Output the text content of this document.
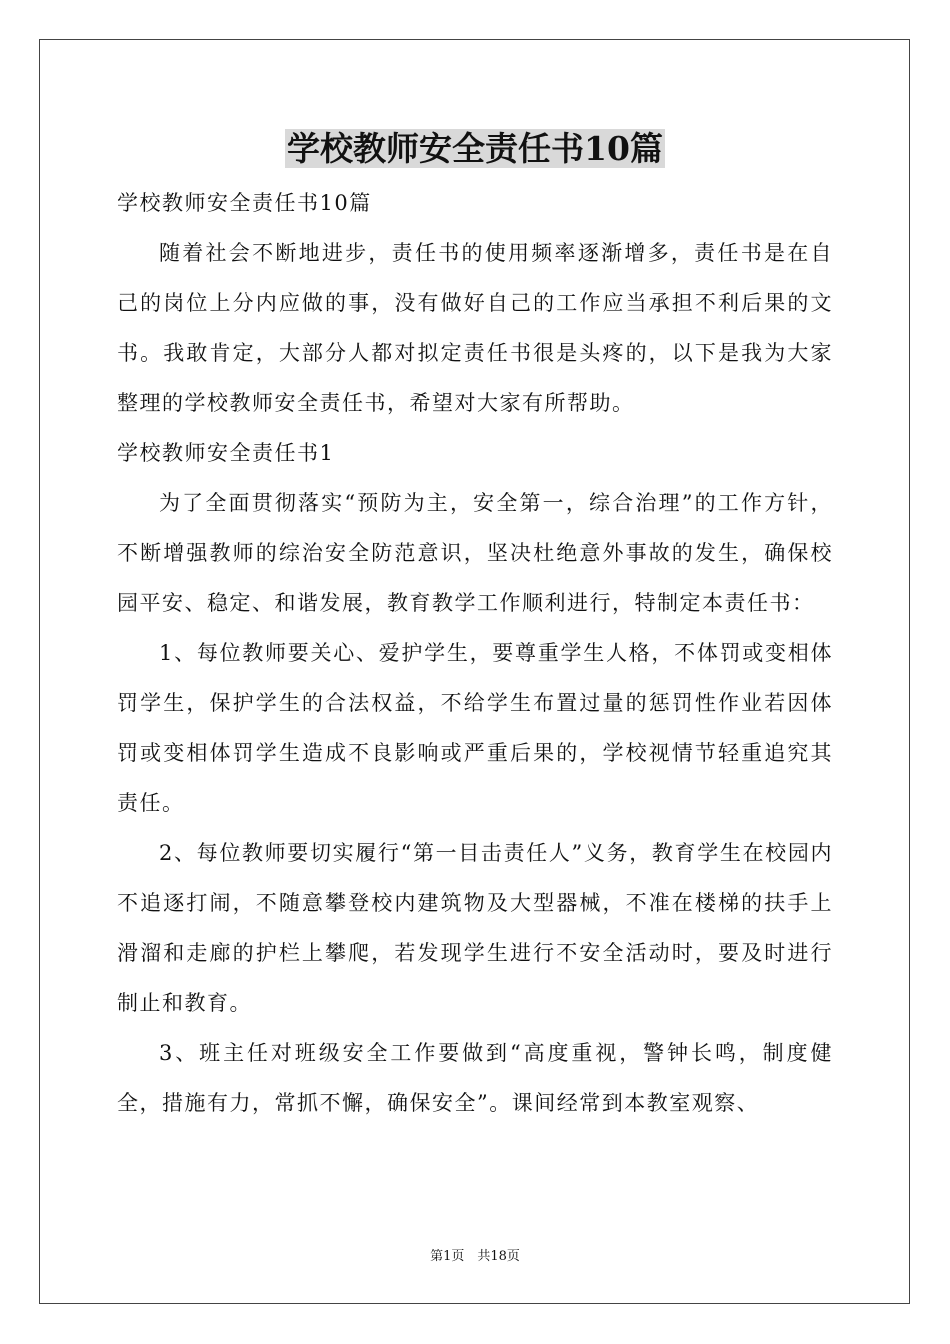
学校教师安全责任书10篇

学校教师安全责任书10篇

随着社会不断地进步，责任书的使用频率逐渐增多，责任书是在自己的岗位上分内应做的事，没有做好自己的工作应当承担不利后果的文书。我敢肯定，大部分人都对拟定责任书很是头疼的，以下是我为大家整理的学校教师安全责任书，希望对大家有所帮助。

学校教师安全责任书1

为了全面贯彻落实“预防为主，安全第一，综合治理”的工作方针，不断增强教师的综治安全防范意识，坚决杜绝意外事故的发生，确保校园平安、稳定、和谐发展，教育教学工作顺利进行，特制定本责任书：

1、每位教师要关心、爱护学生，要尊重学生人格，不体罚或变相体罚学生，保护学生的合法权益，不给学生布置过量的惩罚性作业若因体罚或变相体罚学生造成不良影响或严重后果的，学校视情节轻重追究其责任。

2、每位教师要切实履行“第一目击责任人”义务，教育学生在校园内不追逐打闹，不随意攀登校内建筑物及大型器械，不准在楼梯的扶手上滑溜和走廊的护栏上攀爬，若发现学生进行不安全活动时，要及时进行制止和教育。

3、班主任对班级安全工作要做到“高度重视，警钟长鸣，制度健全，措施有力，常抓不懈，确保安全”。课间经常到本教室观察、

第1页　共18页
